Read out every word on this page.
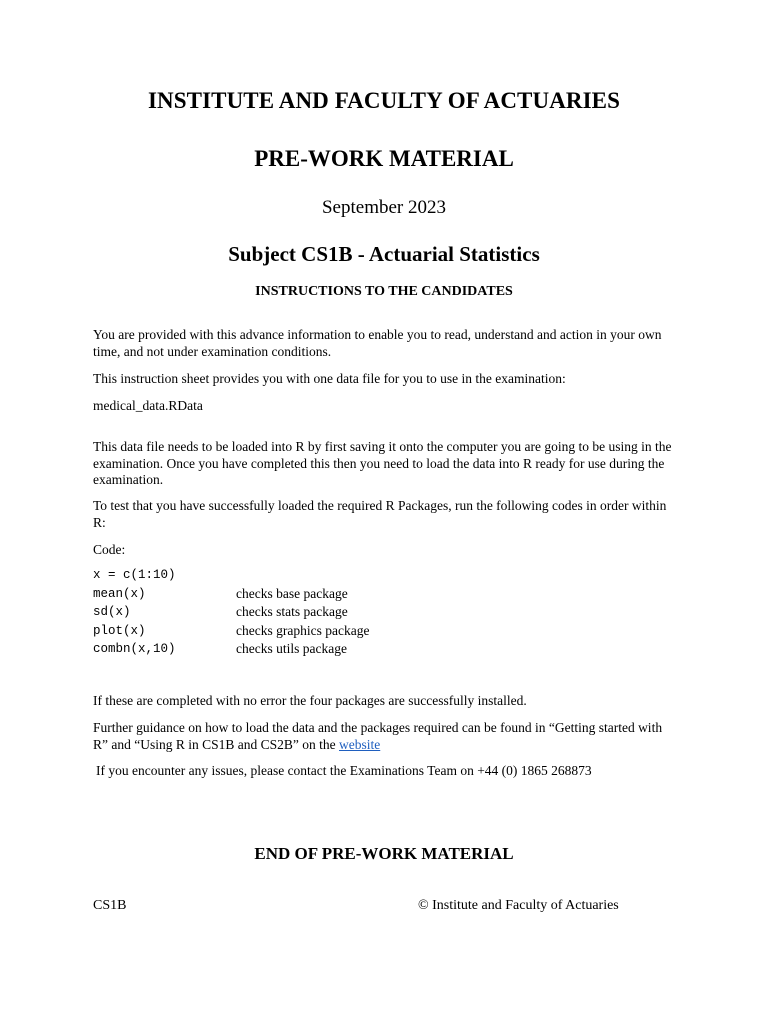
INSTITUTE AND FACULTY OF ACTUARIES
PRE-WORK MATERIAL
September 2023
Subject CS1B - Actuarial Statistics
INSTRUCTIONS TO THE CANDIDATES
You are provided with this advance information to enable you to read, understand and action in your own time, and not under examination conditions.
This instruction sheet provides you with one data file for you to use in the examination:
medical_data.RData
This data file needs to be loaded into R by first saving it onto the computer you are going to be using in the examination. Once you have completed this then you need to load the data into R ready for use during the examination.
To test that you have successfully loaded the required R Packages, run the following codes in order within R:
Code:
x = c(1:10)
mean(x)	checks base package
sd(x)	checks stats package
plot(x)	checks graphics package
combn(x,10)	checks utils package
If these are completed with no error the four packages are successfully installed.
Further guidance on how to load the data and the packages required can be found in “Getting started with R” and “Using R in CS1B and CS2B” on the website
If you encounter any issues, please contact the Examinations Team on +44 (0) 1865 268873
END OF PRE-WORK MATERIAL
CS1B	© Institute and Faculty of Actuaries
